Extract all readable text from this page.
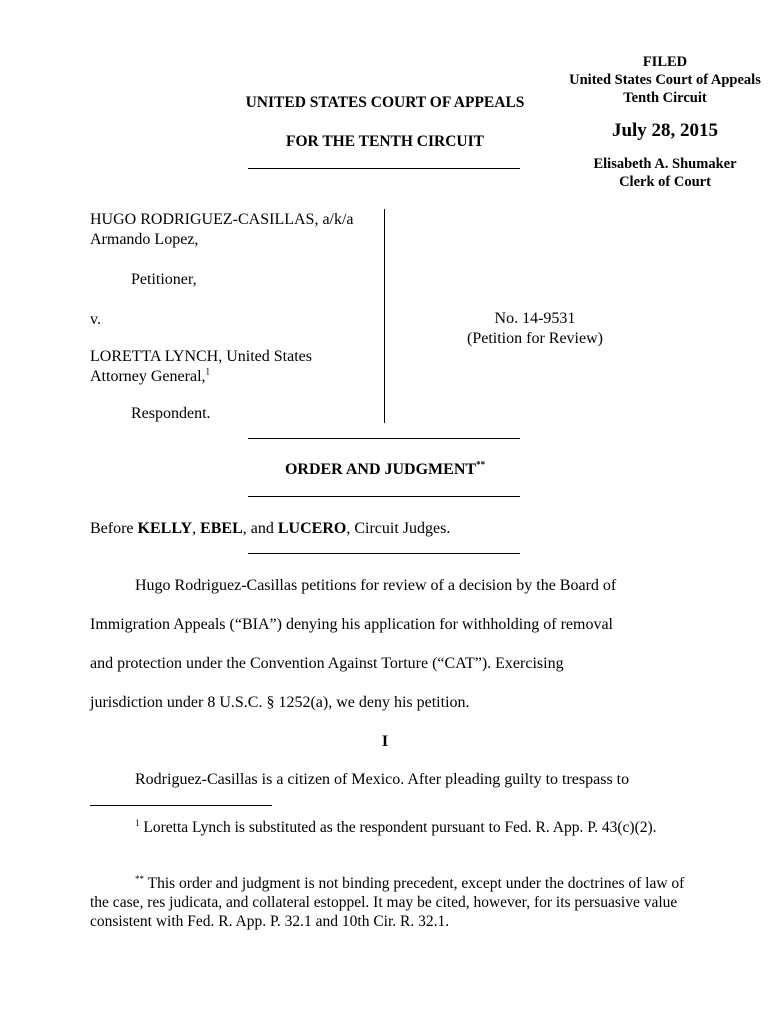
FILED
United States Court of Appeals
Tenth Circuit
July 28, 2015
Elisabeth A. Shumaker
Clerk of Court
UNITED STATES COURT OF APPEALS
FOR THE TENTH CIRCUIT
HUGO RODRIGUEZ-CASILLAS, a/k/a
Armando Lopez,
Petitioner,
v.
LORETTA LYNCH, United States
Attorney General,$^1$
Respondent.
No. 14-9531
(Petition for Review)
ORDER AND JUDGMENT**
Before KELLY, EBEL, and LUCERO, Circuit Judges.
Hugo Rodriguez-Casillas petitions for review of a decision by the Board of
Immigration Appeals (“BIA”) denying his application for withholding of removal
and protection under the Convention Against Torture (“CAT”). Exercising
jurisdiction under 8 U.S.C. § 1252(a), we deny his petition.
I
Rodriguez-Casillas is a citizen of Mexico. After pleading guilty to trespass to
$^1$ Loretta Lynch is substituted as the respondent pursuant to Fed. R. App. P. 43(c)(2).
** This order and judgment is not binding precedent, except under the doctrines of law of the case, res judicata, and collateral estoppel. It may be cited, however, for its persuasive value consistent with Fed. R. App. P. 32.1 and 10th Cir. R. 32.1.
